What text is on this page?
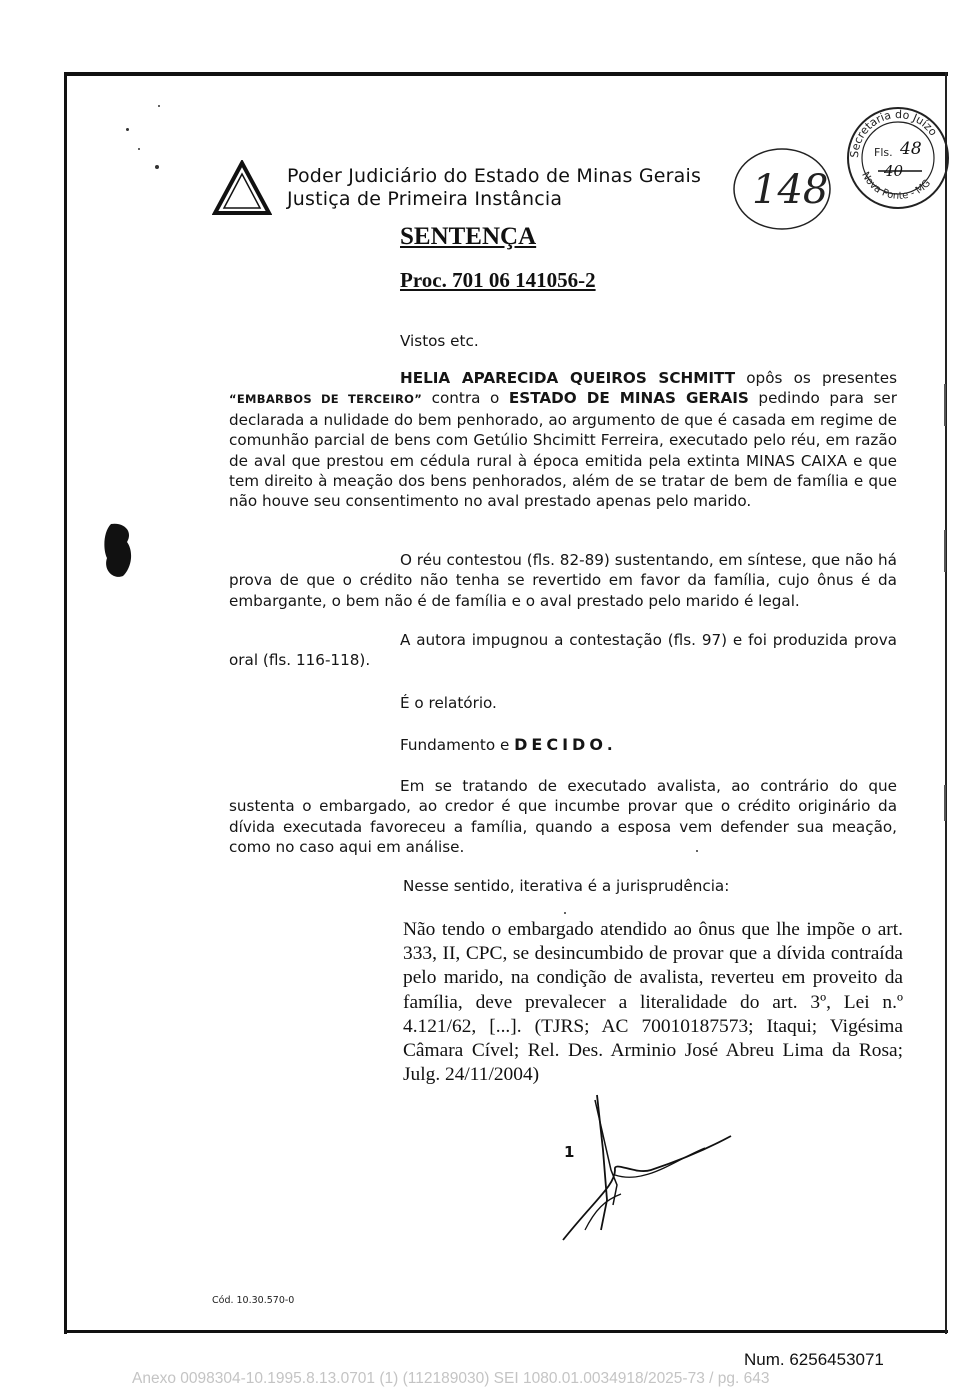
Poder Judiciário do Estado de Minas Gerais
Justiça de Primeira Instância	148
Secretaria do Juízo
Nova Ponte - MG
Fls. 48
40
SENTENÇA
Proc. 701 06 141056-2
Vistos etc.
HELIA APARECIDA QUEIROS SCHMITT opôs os presentes “EMBARBOS DE TERCEIRO” contra o ESTADO DE MINAS GERAIS pedindo para ser declarada a nulidade do bem penhorado, ao argumento de que é casada em regime de comunhão parcial de bens com Getúlio Shcimitt Ferreira, executado pelo réu, em razão de aval que prestou em cédula rural à época emitida pela extinta MINAS CAIXA e que tem direito à meação dos bens penhorados, além de se tratar de bem de família e que não houve seu consentimento no aval prestado apenas pelo marido.
O réu contestou (fls. 82-89) sustentando, em síntese, que não há prova de que o crédito não tenha se revertido em favor da família, cujo ônus é da embargante, o bem não é de família e o aval prestado pelo marido é legal.
A autora impugnou a contestação (fls. 97) e foi produzida prova oral (fls. 116-118).
É o relatório.
Fundamento e DECIDO.
Em se tratando de executado avalista, ao contrário do que sustenta o embargado, ao credor é que incumbe provar que o crédito originário da dívida executada favoreceu a família, quando a esposa vem defender sua meação, como no caso aqui em análise.
Nesse sentido, iterativa é a jurisprudência:
Não tendo o embargado atendido ao ônus que lhe impõe o art. 333, II, CPC, se desincumbido de provar que a dívida contraída pelo marido, na condição de avalista, reverteu em proveito da família, deve prevalecer a literalidade do art. 3º, Lei n.º 4.121/62, [...]. (TJRS; AC 70010187573; Itaqui; Vigésima Câmara Cível; Rel. Des. Arminio José Abreu Lima da Rosa; Julg. 24/11/2004)
1
Cód. 10.30.570-0
Num. 6256453071
Anexo 0098304-10.1995.8.13.0701 (1) (112189030) SEI 1080.01.0034918/2025-73 / pg. 643
